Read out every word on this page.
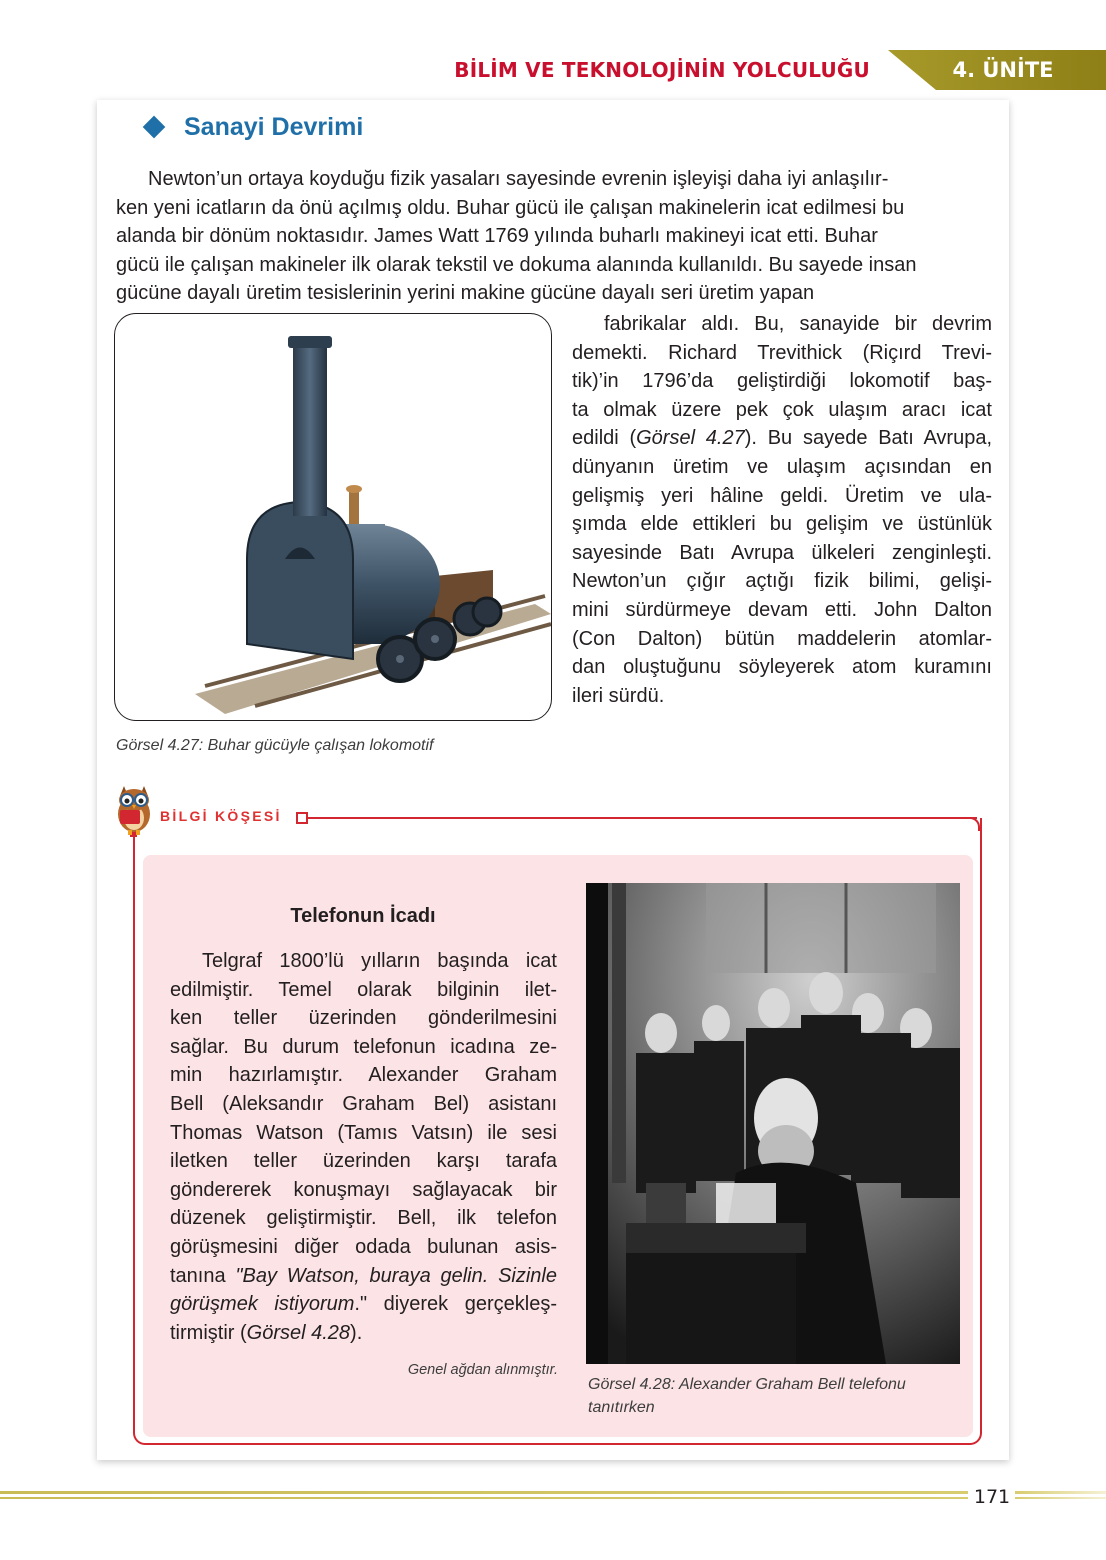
BİLİM VE TEKNOLOJİNİN YOLCULUĞU	4. ÜNİTE
Sanayi Devrimi
Newton’un ortaya koyduğu fizik yasaları sayesinde evrenin işleyişi daha iyi anlaşılır-
ken yeni icatların da önü açılmış oldu. Buhar gücü ile çalışan makinelerin icat edilmesi bu
alanda bir dönüm noktasıdır. James Watt 1769 yılında buharlı makineyi icat etti. Buhar
gücü ile çalışan makineler ilk olarak tekstil ve dokuma alanında kullanıldı. Bu sayede insan
gücüne dayalı üretim tesislerinin yerini makine gücüne dayalı seri üretim yapan
fabrikalar aldı. Bu, sanayide bir devrim
demekti. Richard Trevithick (Riçırd Trevi-
tik)’in 1796’da geliştirdiği lokomotif baş-
ta olmak üzere pek çok ulaşım aracı icat
edildi (Görsel 4.27). Bu sayede Batı Avrupa,
dünyanın üretim ve ulaşım açısından en
gelişmiş yeri hâline geldi. Üretim ve ula-
şımda elde ettikleri bu gelişim ve üstünlük
sayesinde Batı Avrupa ülkeleri zenginleşti.
Newton’un çığır açtığı fizik bilimi, gelişi-
mini sürdürmeye devam etti. John Dalton
(Con Dalton) bütün maddelerin atomlar-
dan oluştuğunu söyleyerek atom kuramını
ileri sürdü.
Görsel 4.27: Buhar gücüyle çalışan lokomotif
BİLGİ KÖŞESİ
Telefonun İcadı
Telgraf 1800’lü yılların başında icat
edilmiştir. Temel olarak bilginin ilet-
ken teller üzerinden gönderilmesini
sağlar. Bu durum telefonun icadına ze-
min hazırlamıştır. Alexander Graham
Bell (Aleksandır Graham Bel) asistanı
Thomas Watson (Tamıs Vatsın) ile sesi
iletken teller üzerinden karşı tarafa
göndererek konuşmayı sağlayacak bir
düzenek geliştirmiştir. Bell, ilk telefon
görüşmesini diğer odada bulunan asis-
tanına "Bay Watson, buraya gelin. Sizinle
görüşmek istiyorum." diyerek gerçekleş-
tirmiştir (Görsel 4.28).
Genel ağdan alınmıştır.
Görsel 4.28: Alexander Graham Bell telefonu tanıtırken
171
